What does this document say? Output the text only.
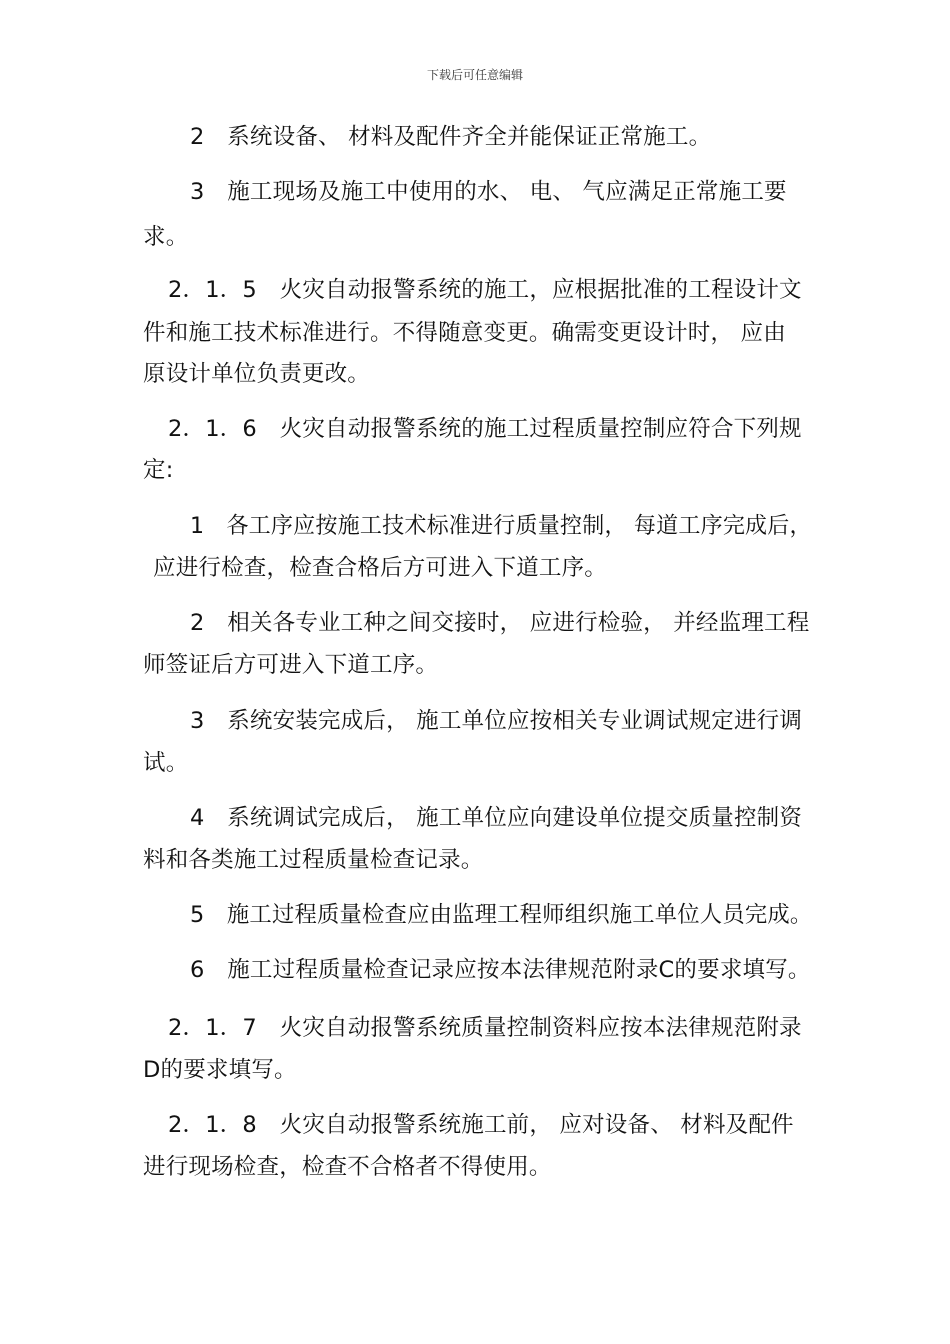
下载后可任意编辑
2　系统设备、 材料及配件齐全并能保证正常施工。
3　施工现场及施工中使用的水、 电、 气应满足正常施工要
求。
2．1．5　火灾自动报警系统的施工，应根据批准的工程设计文
件和施工技术标准进行。不得随意变更。确需变更设计时， 应由
原设计单位负责更改。
2．1．6　火灾自动报警系统的施工过程质量控制应符合下列规
定:
1　各工序应按施工技术标准进行质量控制， 每道工序完成后，
应进行检查，检查合格后方可进入下道工序。
2　相关各专业工种之间交接时， 应进行检验， 并经监理工程
师签证后方可进入下道工序。
3　系统安装完成后， 施工单位应按相关专业调试规定进行调
试。
4　系统调试完成后， 施工单位应向建设单位提交质量控制资
料和各类施工过程质量检查记录。
5　施工过程质量检查应由监理工程师组织施工单位人员完成。
6　施工过程质量检查记录应按本法律规范附录C的要求填写。
2．1．7　火灾自动报警系统质量控制资料应按本法律规范附录
D的要求填写。
2．1．8　火灾自动报警系统施工前， 应对设备、 材料及配件
进行现场检查，检查不合格者不得使用。
